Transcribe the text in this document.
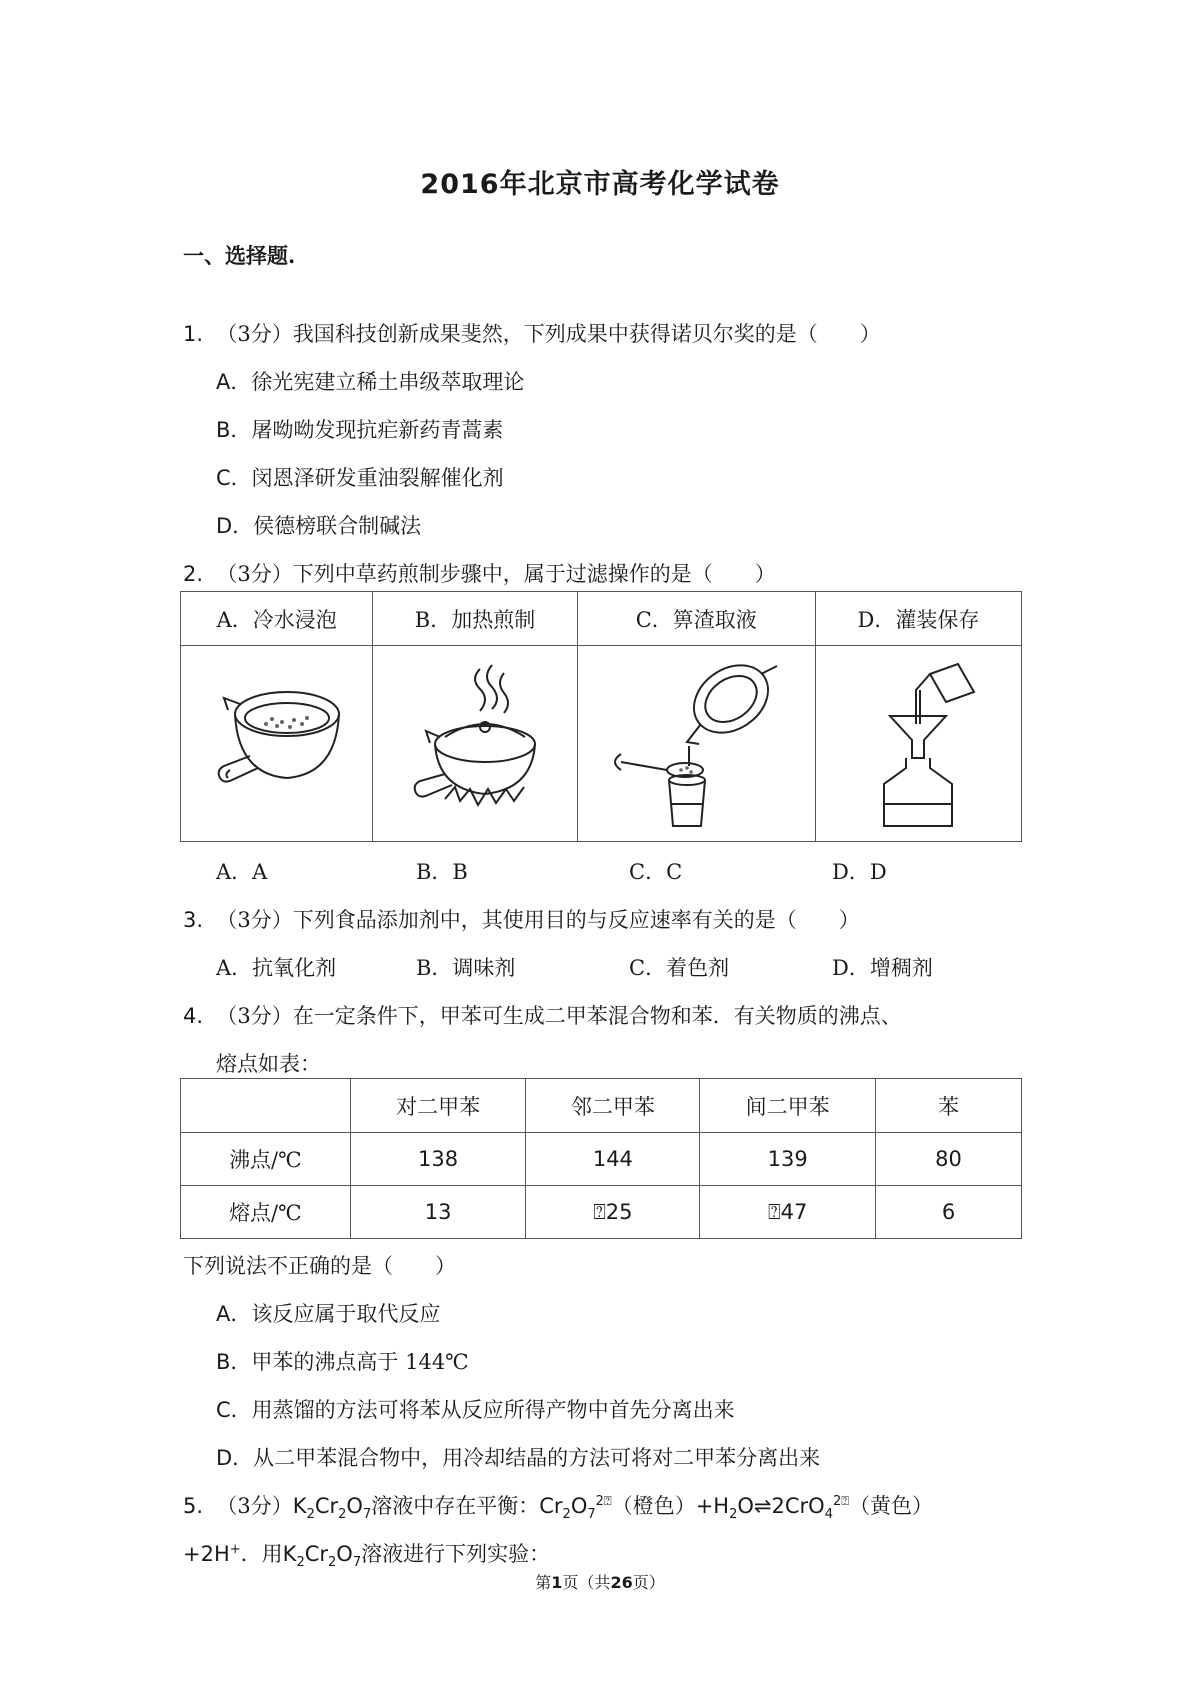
2016年北京市高考化学试卷
一、选择题.
1. （3分）我国科技创新成果斐然，下列成果中获得诺贝尔奖的是（　　）
A．徐光宪建立稀土串级萃取理论
B．屠呦呦发现抗疟新药青蒿素
C．闵恩泽研发重油裂解催化剂
D．侯德榜联合制碱法
2. （3分）下列中草药煎制步骤中，属于过滤操作的是（　　）
A．冷水浸泡	B．加热煎制	C．箅渣取液	D．灌装保存

A．A	B．B	C．C	D．D
3. （3分）下列食品添加剂中，其使用目的与反应速率有关的是（　　）
A．抗氧化剂	B．调味剂	C．着色剂	D．增稠剂
4. （3分）在一定条件下，甲苯可生成二甲苯混合物和苯．有关物质的沸点、
熔点如表：
	对二甲苯	邻二甲苯	间二甲苯	苯
沸点/℃	138	144	139	80
熔点/℃	13	⍰25	⍰47	6
下列说法不正确的是（　　）
A．该反应属于取代反应
B．甲苯的沸点高于 144℃
C．用蒸馏的方法可将苯从反应所得产物中首先分离出来
D．从二甲苯混合物中，用冷却结晶的方法可将对二甲苯分离出来
5. （3分）$K_2Cr_2O_7$溶液中存在平衡：$Cr_2O_7^{2⍰}$（橙色）$+H_2O\rightleftharpoons 2CrO_4^{2⍰}$（黄色）
+2H+．用$K_2Cr_2O_7$溶液进行下列实验：
第1页（共26页）
